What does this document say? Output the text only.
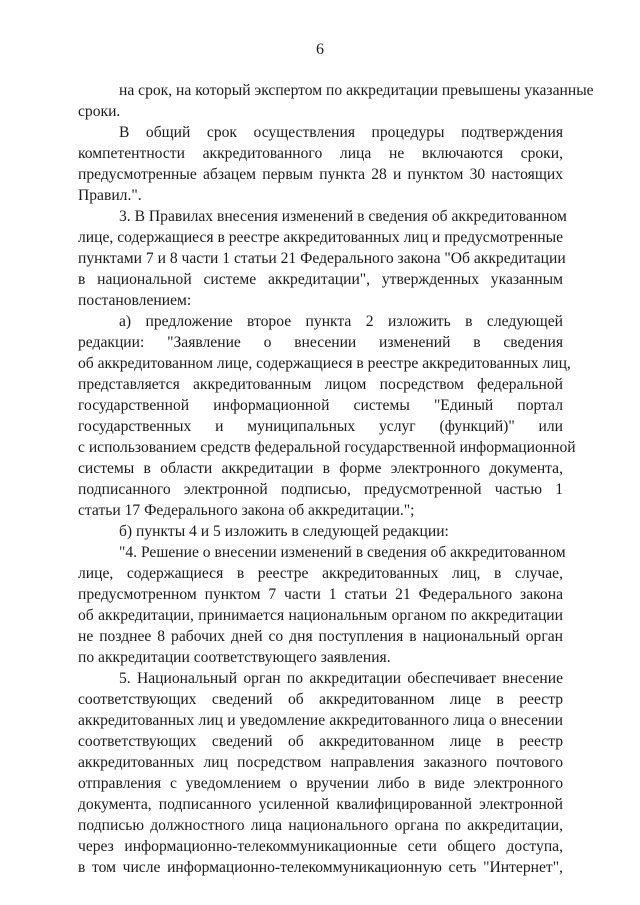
6
на срок, на который экспертом по аккредитации превышены указанные
сроки.
В общий срок осуществления процедуры подтверждения
компетентности аккредитованного лица не включаются сроки,
предусмотренные абзацем первым пункта 28 и пунктом 30 настоящих
Правил.".
3. В Правилах внесения изменений в сведения об аккредитованном
лице, содержащиеся в реестре аккредитованных лиц и предусмотренные
пунктами 7 и 8 части 1 статьи 21 Федерального закона "Об аккредитации
в национальной системе аккредитации", утвержденных указанным
постановлением:
а) предложение второе пункта 2 изложить в следующей
редакции: "Заявление о внесении изменений в сведения
об аккредитованном лице, содержащиеся в реестре аккредитованных лиц,
представляется аккредитованным лицом посредством федеральной
государственной информационной системы "Единый портал
государственных и муниципальных услуг (функций)" или
с использованием средств федеральной государственной информационной
системы в области аккредитации в форме электронного документа,
подписанного электронной подписью, предусмотренной частью 1
статьи 17 Федерального закона об аккредитации.";
б) пункты 4 и 5 изложить в следующей редакции:
"4. Решение о внесении изменений в сведения об аккредитованном
лице, содержащиеся в реестре аккредитованных лиц, в случае,
предусмотренном пунктом 7 части 1 статьи 21 Федерального закона
об аккредитации, принимается национальным органом по аккредитации
не позднее 8 рабочих дней со дня поступления в национальный орган
по аккредитации соответствующего заявления.
5. Национальный орган по аккредитации обеспечивает внесение
соответствующих сведений об аккредитованном лице в реестр
аккредитованных лиц и уведомление аккредитованного лица о внесении
соответствующих сведений об аккредитованном лице в реестр
аккредитованных лиц посредством направления заказного почтового
отправления с уведомлением о вручении либо в виде электронного
документа, подписанного усиленной квалифицированной электронной
подписью должностного лица национального органа по аккредитации,
через информационно-телекоммуникационные сети общего доступа,
в том числе информационно-телекоммуникационную сеть "Интернет",
